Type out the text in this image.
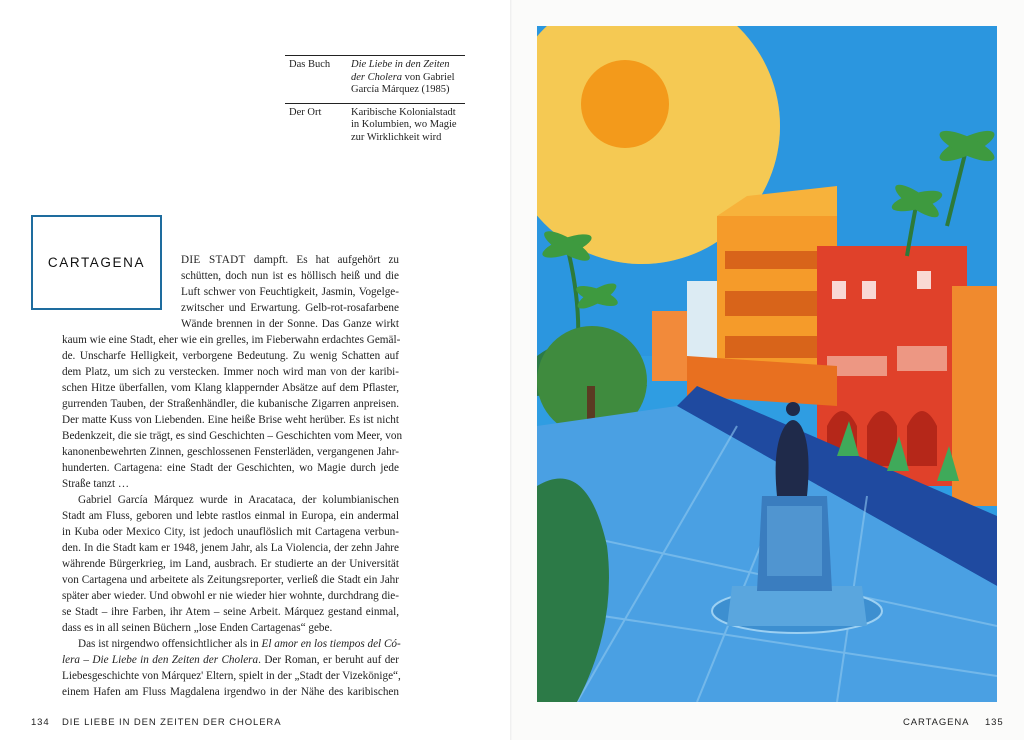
Das Buch	Die Liebe in den Zeiten der Cholera von Gabriel García Márquez (1985)
Der Ort	Karibische Kolonialstadt in Kolumbien, wo Magie zur Wirklichkeit wird
CARTAGENA	DIE STADT dampft. Es hat aufgehört zu
schütten, doch nun ist es höllisch heiß und die
Luft schwer von Feuchtigkeit, Jasmin, Vogelge-
zwitscher und Erwartung. Gelb-rot-rosafarbene
Wände brennen in der Sonne. Das Ganze wirkt
kaum wie eine Stadt, eher wie ein grelles, im Fieberwahn erdachtes Gemäl-
de. Unscharfe Helligkeit, verborgene Bedeutung. Zu wenig Schatten auf
dem Platz, um sich zu verstecken. Immer noch wird man von der karibi-
schen Hitze überfallen, vom Klang klappernder Absätze auf dem Pflaster,
gurrenden Tauben, der Straßenhändler, die kubanische Zigarren anpreisen.
Der matte Kuss von Liebenden. Eine heiße Brise weht herüber. Es ist nicht
Bedenkzeit, die sie trägt, es sind Geschichten – Geschichten vom Meer, von
kanonenbewehrten Zinnen, geschlossenen Fensterläden, vergangenen Jahr-
hunderten. Cartagena: eine Stadt der Geschichten, wo Magie durch jede
Straße tanzt …
Gabriel García Márquez wurde in Aracataca, der kolumbianischen
Stadt am Fluss, geboren und lebte rastlos einmal in Europa, ein andermal
in Kuba oder Mexico City, ist jedoch unauflöslich mit Cartagena verbun-
den. In die Stadt kam er 1948, jenem Jahr, als La Violencia, der zehn Jahre
währende Bürgerkrieg, im Land, ausbrach. Er studierte an der Universität
von Cartagena und arbeitete als Zeitungsreporter, verließ die Stadt ein Jahr
später aber wieder. Und obwohl er nie wieder hier wohnte, durchdrang die-
se Stadt – ihre Farben, ihr Atem – seine Arbeit. Márquez gestand einmal,
dass es in all seinen Büchern „lose Enden Cartagenas“ gebe.
Das ist nirgendwo offensichtlicher als in El amor en los tiempos del Có-
lera – Die Liebe in den Zeiten der Cholera. Der Roman, er beruht auf der
Liebesgeschichte von Márquez' Eltern, spielt in der „Stadt der Vizekönige“,
einem Hafen am Fluss Magdalena irgendwo in der Nähe des karibischen
134 DIE LIEBE IN DEN ZEITEN DER CHOLERA	CARTAGENA 135
